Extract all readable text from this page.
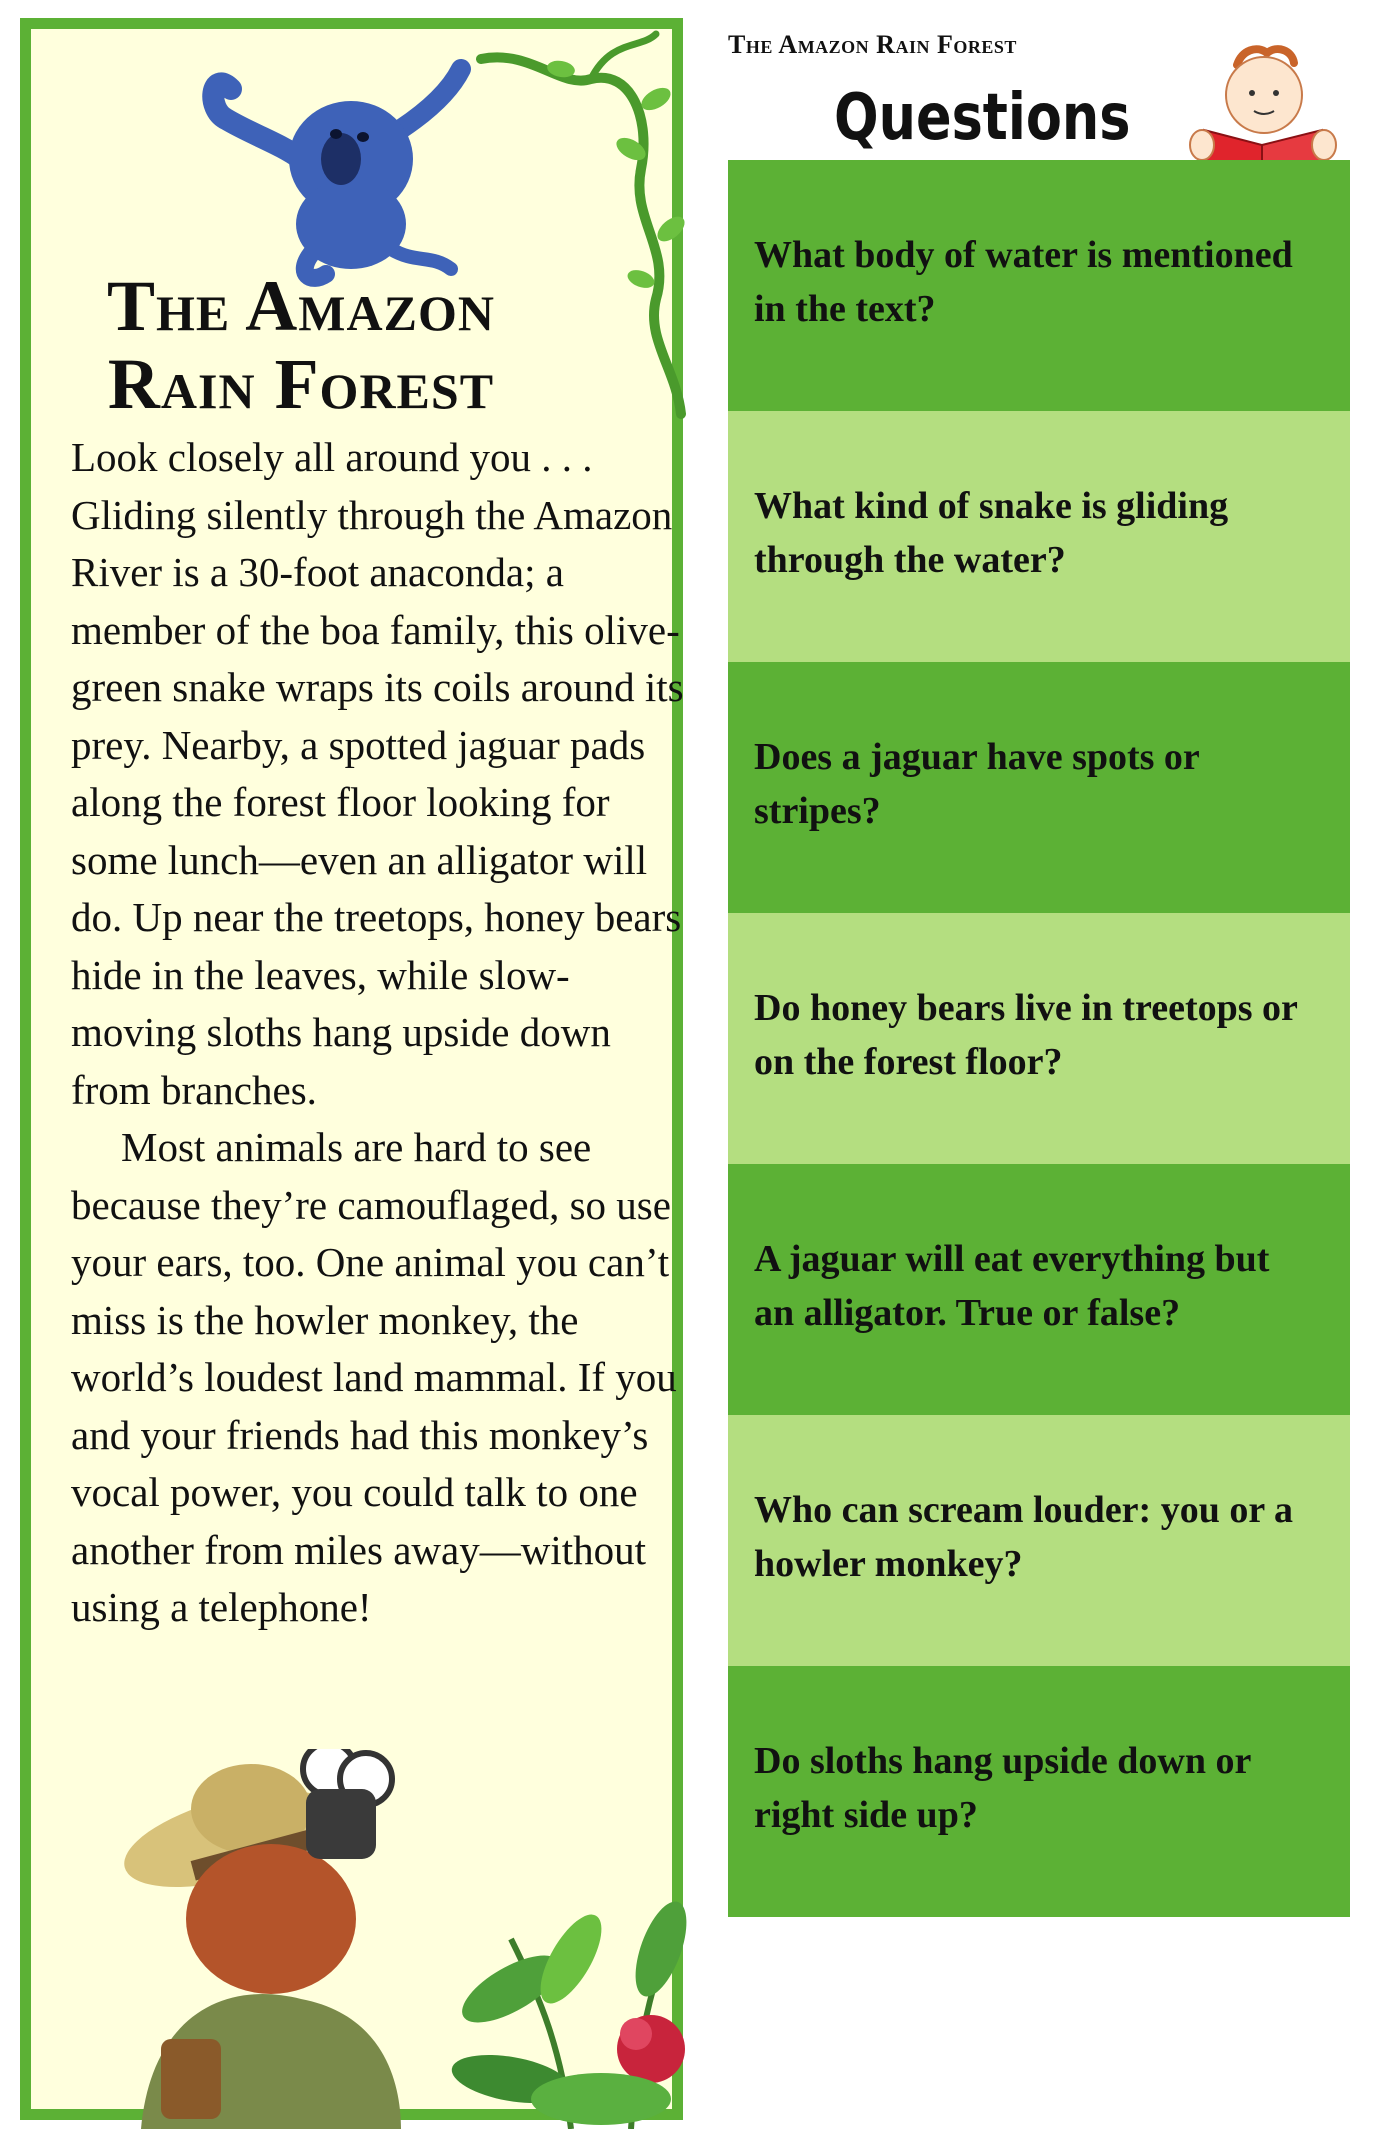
The Amazon
Rain Forest

Look closely all around you . . . Gliding silently through the Amazon River is a 30-foot anaconda; a member of the boa family, this olive-green snake wraps its coils around its prey. Nearby, a spotted jaguar pads along the forest floor looking for some lunch—even an alligator will do. Up near the treetops, honey bears hide in the leaves, while slow-moving sloths hang upside down from branches.

Most animals are hard to see because they’re camouflaged, so use your ears, too. One animal you can’t miss is the howler monkey, the world’s loudest land mammal. If you and your friends had this monkey’s vocal power, you could talk to one another from miles away—without using a telephone!

The Amazon Rain Forest
Questions
What body of water is mentioned in the text?
What kind of snake is gliding through the water?
Does a jaguar have spots or stripes?
Do honey bears live in treetops or on the forest floor?
A jaguar will eat everything but an alligator. True or false?
Who can scream louder: you or a howler monkey?
Do sloths hang upside down or right side up?
